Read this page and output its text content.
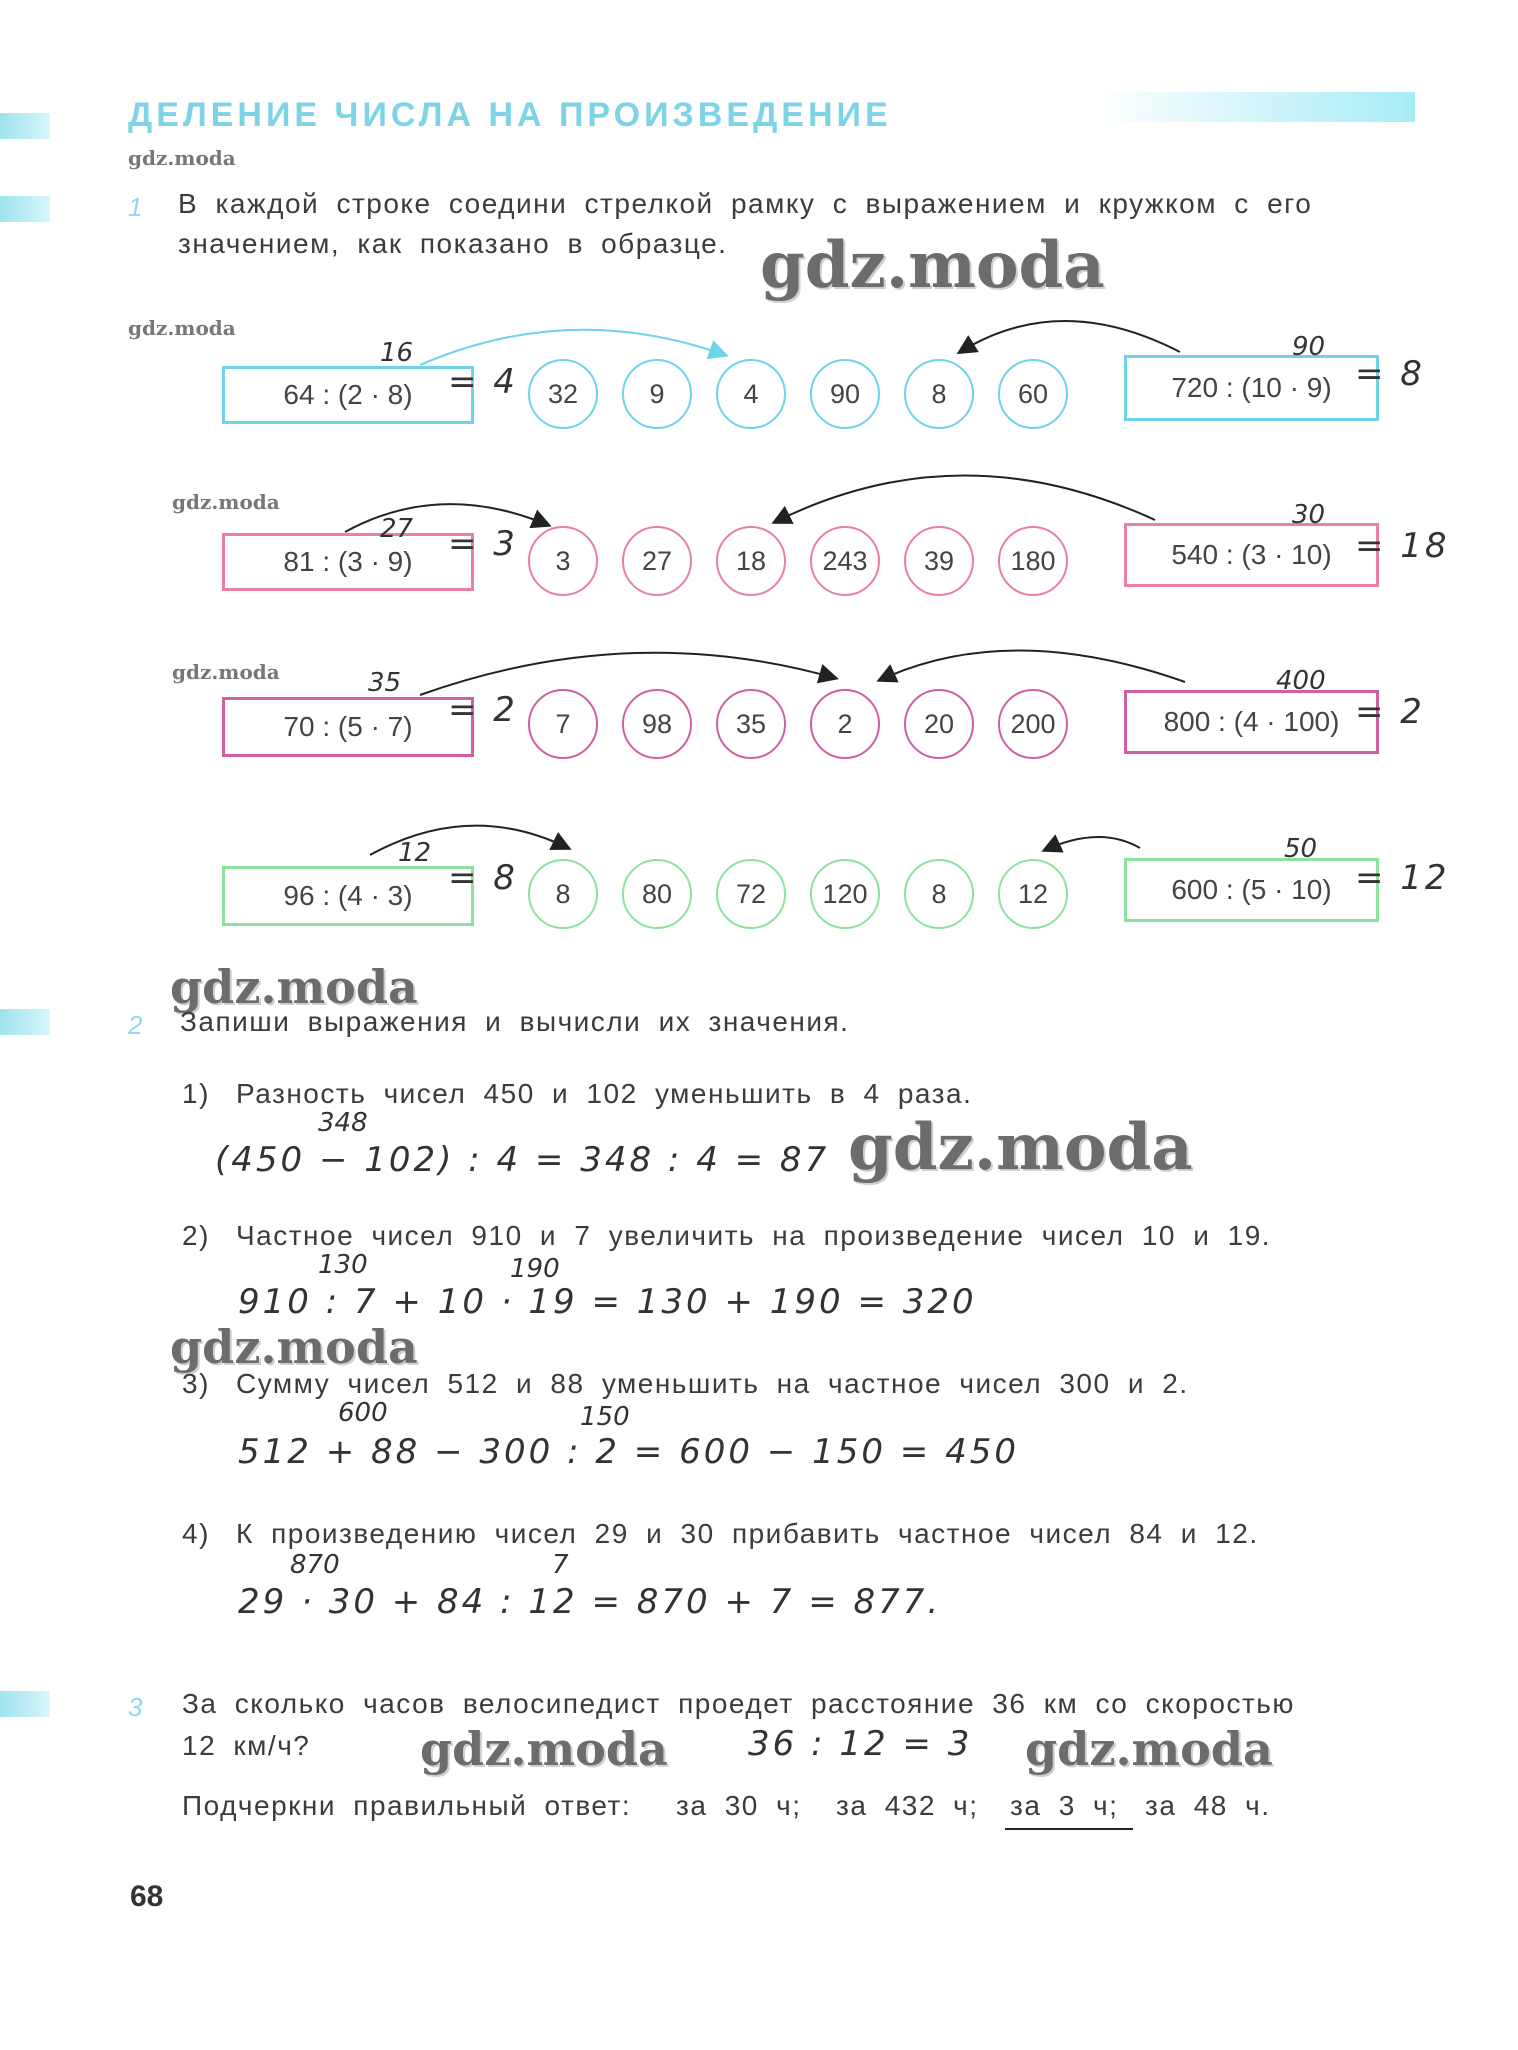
ДЕЛЕНИЕ ЧИСЛА НА ПРОИЗВЕДЕНИЕ
gdz.moda
gdz.moda
gdz.moda
gdz.moda
gdz.moda
gdz.moda
gdz.moda
gdz.moda
gdz.moda	gdz.moda
1 В каждой строке соедини стрелкой рамку с выражением и кружком с его
значением, как показано в образце.
64 : (2 · 8)
16
= 4	32	9	4	90	8	60	720 : (10 · 9)
90
= 8
81 : (3 · 9)
27 = 3	3	27	18	243	39	180	540 : (3 · 10)
30
= 18
70 : (5 · 7)
35
= 2	7	98	35	2	20	200	800 : (4 · 100)
400
= 2
96 : (4 · 3)
12
= 8	8	80	72	120	8	12	600 : (5 · 10)
50
= 12
2 Запиши выражения и вычисли их значения.
1) Разность чисел 450 и 102 уменьшить в 4 раза.
348
(450 − 102) : 4 = 348 : 4 = 87
2) Частное чисел 910 и 7 увеличить на произведение чисел 10 и 19.
130	190
910 : 7 + 10 · 19 = 130 + 190 = 320
3) Сумму чисел 512 и 88 уменьшить на частное чисел 300 и 2.
600	150
512 + 88 − 300 : 2 = 600 − 150 = 450
4) К произведению чисел 29 и 30 прибавить частное чисел 84 и 12.
870	7
29 · 30 + 84 : 12 = 870 + 7 = 877.
3 За сколько часов велосипедист проедет расстояние 36 км со скоростью
12 км/ч?	36 : 12 = 3
Подчеркни правильный ответ: за 30 ч; за 432 ч; за 3 ч; за 48 ч.
68
